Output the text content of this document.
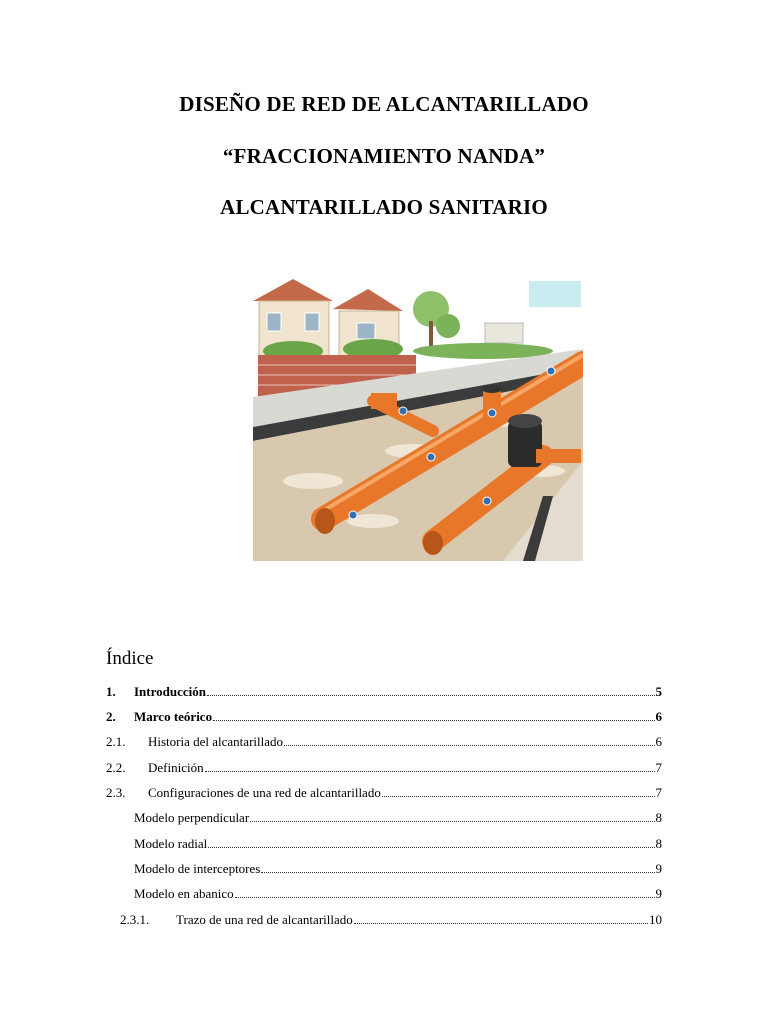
DISEÑO DE RED DE ALCANTARILLADO
“FRACCIONAMIENTO NANDA”
ALCANTARILLADO SANITARIO
Índice
1.	Introducción	5
2.	Marco teórico	6
2.1.	Historia del alcantarillado	6
2.2.	Definición	7
2.3.	Configuraciones de una red de alcantarillado	7
Modelo perpendicular	8
Modelo radial	8
Modelo de interceptores	9
Modelo en abanico	9
2.3.1.	Trazo de una red de alcantarillado	10
